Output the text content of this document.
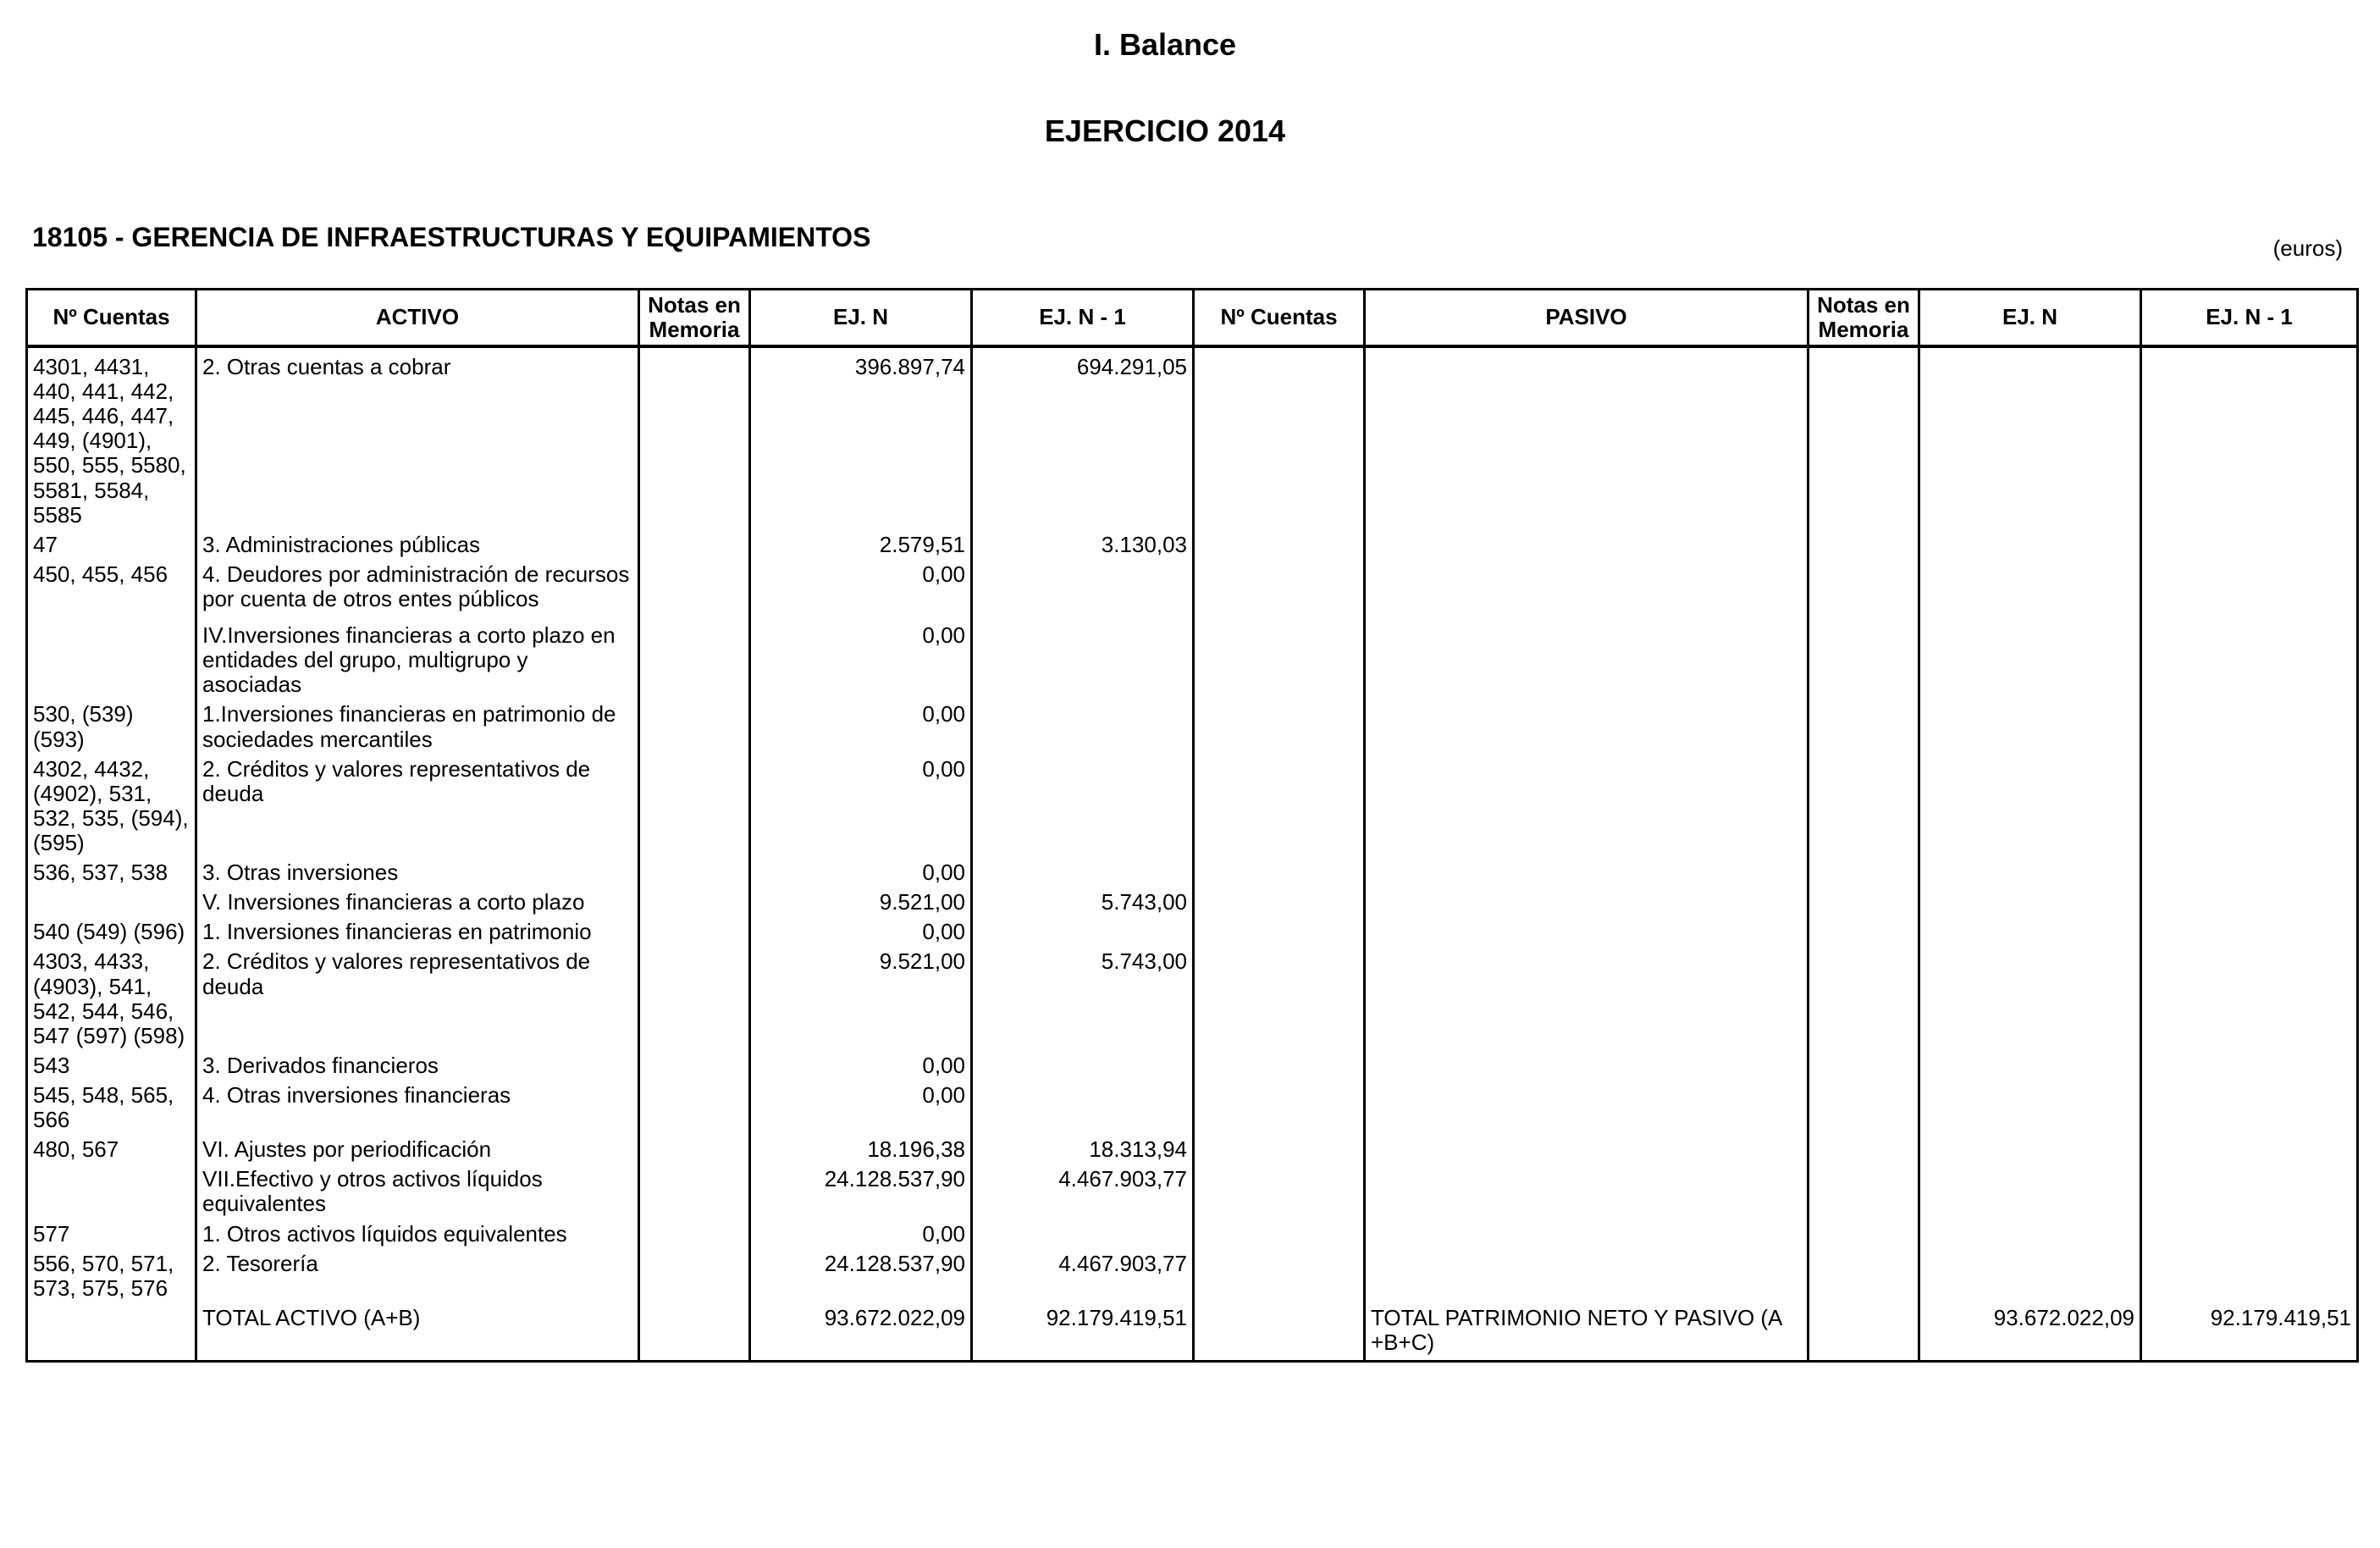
I. Balance
EJERCICIO 2014
18105 - GERENCIA DE INFRAESTRUCTURAS Y EQUIPAMIENTOS	(euros)
Nº Cuentas	ACTIVO	Notas en Memoria	EJ. N	EJ. N - 1	Nº Cuentas	PASIVO	Notas en Memoria	EJ. N	EJ. N - 1
4301, 4431, 440, 441, 442, 445, 446, 447, 449, (4901), 550, 555, 5580, 5581, 5584, 5585	2. Otras cuentas a cobrar		396.897,74	694.291,05					
47	3. Administraciones públicas		2.579,51	3.130,03					
450, 455, 456	4. Deudores por administración de recursos por cuenta de otros entes públicos		0,00						
	IV.Inversiones financieras a corto plazo en entidades del grupo, multigrupo y asociadas		0,00						
530, (539) (593)	1.Inversiones financieras en patrimonio de sociedades mercantiles		0,00						
4302, 4432, (4902), 531, 532, 535, (594), (595)	2. Créditos y valores representativos de deuda		0,00						
536, 537, 538	3. Otras inversiones		0,00						
	V. Inversiones financieras a corto plazo		9.521,00	5.743,00					
540 (549) (596)	1. Inversiones financieras en patrimonio		0,00						
4303, 4433, (4903), 541, 542, 544, 546, 547 (597) (598)	2. Créditos y valores representativos de deuda		9.521,00	5.743,00					
543	3. Derivados financieros		0,00						
545, 548, 565, 566	4. Otras inversiones financieras		0,00						
480, 567	VI. Ajustes por periodificación		18.196,38	18.313,94					
	VII.Efectivo y otros activos líquidos equivalentes		24.128.537,90	4.467.903,77					
577	1. Otros activos líquidos equivalentes		0,00						
556, 570, 571, 573, 575, 576	2. Tesorería		24.128.537,90	4.467.903,77					
	TOTAL ACTIVO (A+B)		93.672.022,09	92.179.419,51		TOTAL PATRIMONIO NETO Y PASIVO (A +B+C)		93.672.022,09	92.179.419,51
